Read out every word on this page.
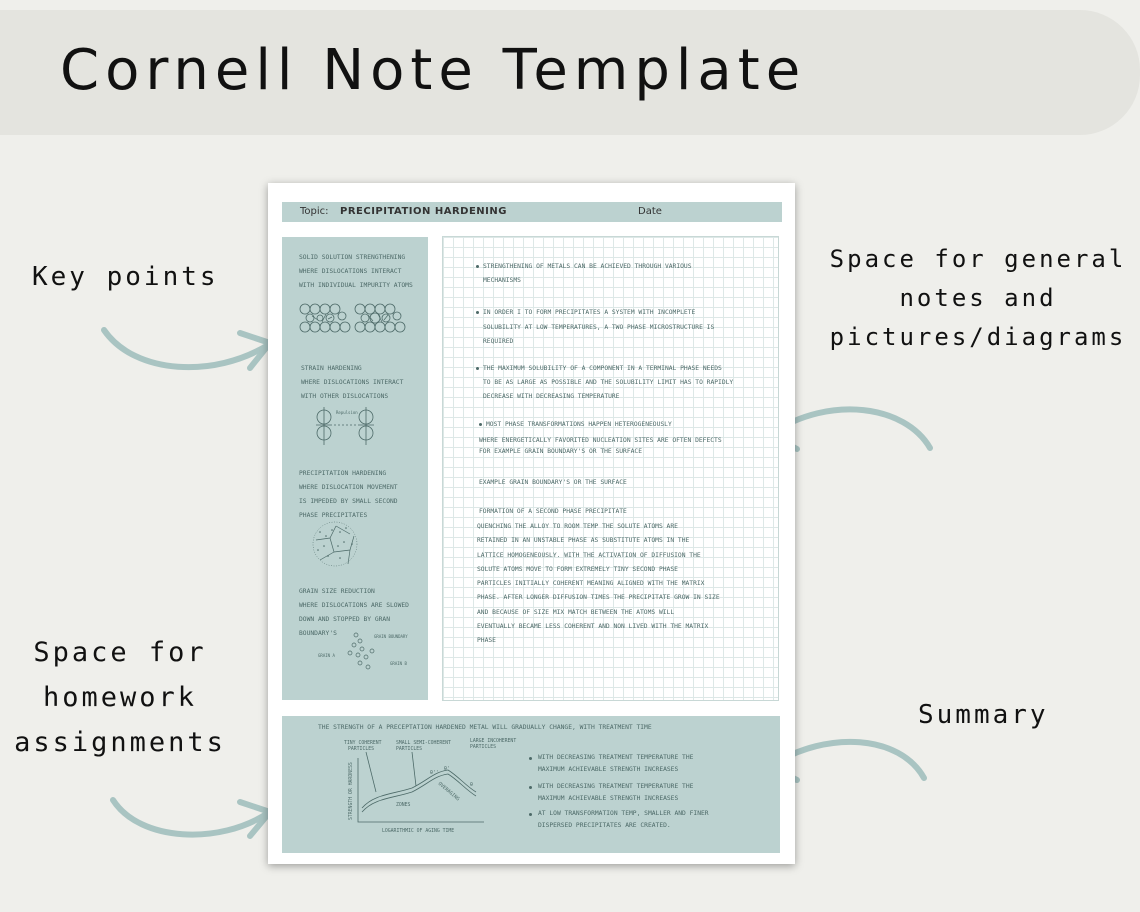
Cornell Note Template
Key points
Space for general
notes and
pictures/diagrams
Space for
homework
assignments
Summary
Topic: PRECIPITATION HARDENING	Date
SOLID SOLUTION STRENGTHENING
WHERE DISLOCATIONS INTERACT
WITH INDIVIDUAL IMPURITY ATOMS
STRAIN HARDENING
WHERE DISLOCATIONS INTERACT
WITH OTHER DISLOCATIONS
Repulsion
PRECIPITATION HARDENING
WHERE DISLOCATION MOVEMENT
IS IMPEDED BY SMALL SECOND
PHASE PRECIPITATES
GRAIN SIZE REDUCTION
WHERE DISLOCATIONS ARE SLOWED
DOWN AND STOPPED BY GRAN
BOUNDARY'S	GRAIN BOUNDARY
GRAIN A
GRAIN B
STRENGTHENING OF METALS CAN BE ACHIEVED THROUGH VARIOUS
MECHANISMS
IN ORDER I TO FORM PRECIPITATES A SYSTEM WITH INCOMPLETE
SOLUBILITY AT LOW TEMPERATURES, A TWO PHASE MICROSTRUCTURE IS
REQUIRED
THE MAXIMUM SOLUBILITY OF A COMPONENT IN A TERMINAL PHASE NEEDS
TO BE AS LARGE AS POSSIBLE AND THE SOLUBILITY LIMIT HAS TO RAPIDLY
DECREASE WITH DECREASING TEMPERATURE
MOST PHASE TRANSFORMATIONS HAPPEN HETEROGENEOUSLY
WHERE ENERGETICALLY FAVORITED NUCLEATION SITES ARE OFTEN DEFECTS
FOR EXAMPLE GRAIN BOUNDARY'S OR THE SURFACE
EXAMPLE GRAIN BOUNDARY'S OR THE SURFACE
FORMATION OF A SECOND PHASE PRECIPITATE
QUENCHING THE ALLOY TO ROOM TEMP THE SOLUTE ATOMS ARE
RETAINED IN AN UNSTABLE PHASE AS SUBSTITUTE ATOMS IN THE
LATTICE HOMOGENEOUSLY. WITH THE ACTIVATION OF DIFFUSION THE
SOLUTE ATOMS MOVE TO FORM EXTREMELY TINY SECOND PHASE
PARTICLES INITIALLY COHERENT MEANING ALIGNED WITH THE MATRIX
PHASE. AFTER LONGER DIFFUSION TIMES THE PRECIPITATE GROW IN SIZE
AND BECAUSE OF SIZE MIX MATCH BETWEEN THE ATOMS WILL
EVENTUALLY BECAME LESS COHERENT AND NON LIVED WITH THE MATRIX
PHASE
THE STRENGTH OF A PRECEPTATION HARDENED METAL WILL GRADUALLY CHANGE, WITH TREATMENT TIME
TINY COHERENT
PARTICLES
SMALL SEMI-COHERENT
PARTICLES
LARGE INCOHERENT
PARTICLES
LOGARITHMIC OF AGING TIME
ZONES
θ''
θ'
θ
OVERAGING
STRENGTH OR HARDNESS
WITH DECREASING TREATMENT TEMPERATURE THE
MAXIMUM ACHIEVABLE STRENGTH INCREASES
WITH DECREASING TREATMENT TEMPERATURE THE
MAXIMUM ACHIEVABLE STRENGTH INCREASES
AT LOW TRANSFORMATION TEMP, SMALLER AND FINER
DISPERSED PRECIPITATES ARE CREATED.
